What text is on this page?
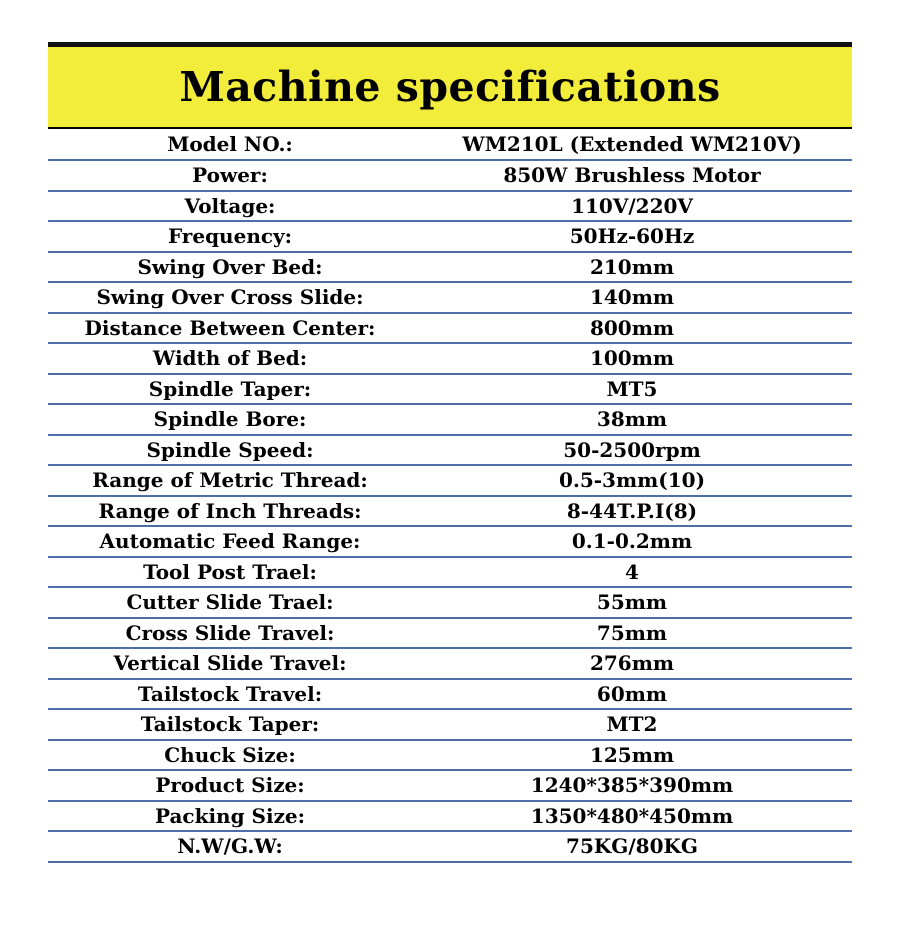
Machine specifications
Model NO.:	WM210L (Extended WM210V)
Power:	850W Brushless Motor
Voltage:	110V/220V
Frequency:	50Hz-60Hz
Swing Over Bed:	210mm
Swing Over Cross Slide:	140mm
Distance Between Center:	800mm
Width of Bed:	100mm
Spindle Taper:	MT5
Spindle Bore:	38mm
Spindle Speed:	50-2500rpm
Range of Metric Thread:	0.5-3mm(10)
Range of Inch Threads:	8-44T.P.I(8)
Automatic Feed Range:	0.1-0.2mm
Tool Post Trael:	4
Cutter Slide Trael:	55mm
Cross Slide Travel:	75mm
Vertical Slide Travel:	276mm
Tailstock Travel:	60mm
Tailstock Taper:	MT2
Chuck Size:	125mm
Product Size:	1240*385*390mm
Packing Size:	1350*480*450mm
N.W/G.W:	75KG/80KG
